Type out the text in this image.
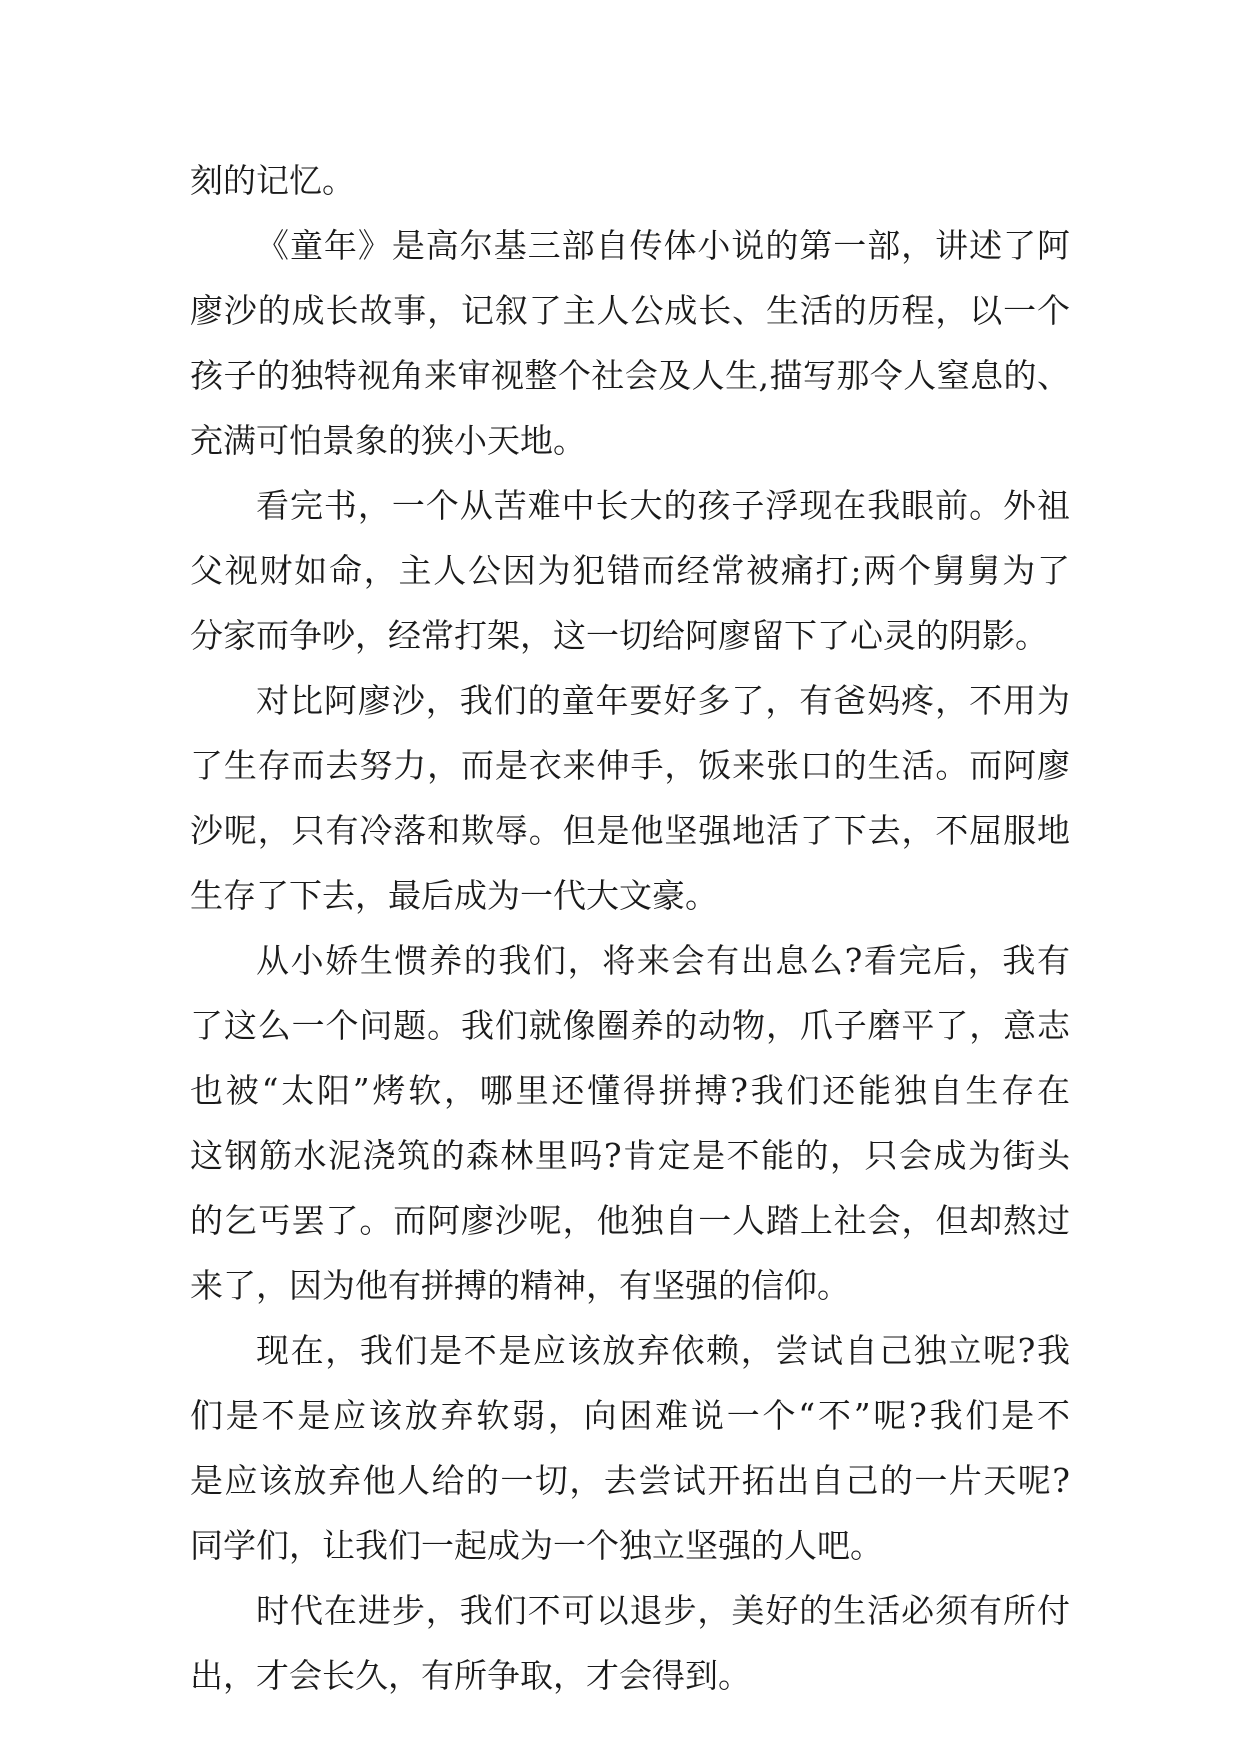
刻的记忆。
《童年》是高尔基三部自传体小说的第一部，讲述了阿
廖沙的成长故事，记叙了主人公成长、生活的历程，以一个
孩子的独特视角来审视整个社会及人生,描写那令人窒息的、
充满可怕景象的狭小天地。
看完书，一个从苦难中长大的孩子浮现在我眼前。外祖
父视财如命，主人公因为犯错而经常被痛打;两个舅舅为了
分家而争吵，经常打架，这一切给阿廖留下了心灵的阴影。
对比阿廖沙，我们的童年要好多了，有爸妈疼，不用为
了生存而去努力，而是衣来伸手，饭来张口的生活。而阿廖
沙呢，只有冷落和欺辱。但是他坚强地活了下去，不屈服地
生存了下去，最后成为一代大文豪。
从小娇生惯养的我们，将来会有出息么?看完后，我有
了这么一个问题。我们就像圈养的动物，爪子磨平了，意志
也被“太阳”烤软，哪里还懂得拼搏?我们还能独自生存在
这钢筋水泥浇筑的森林里吗?肯定是不能的，只会成为街头
的乞丐罢了。而阿廖沙呢，他独自一人踏上社会，但却熬过
来了，因为他有拼搏的精神，有坚强的信仰。
现在，我们是不是应该放弃依赖，尝试自己独立呢?我
们是不是应该放弃软弱，向困难说一个“不”呢?我们是不
是应该放弃他人给的一切，去尝试开拓出自己的一片天呢?
同学们，让我们一起成为一个独立坚强的人吧。
时代在进步，我们不可以退步，美好的生活必须有所付
出，才会长久，有所争取，才会得到。
